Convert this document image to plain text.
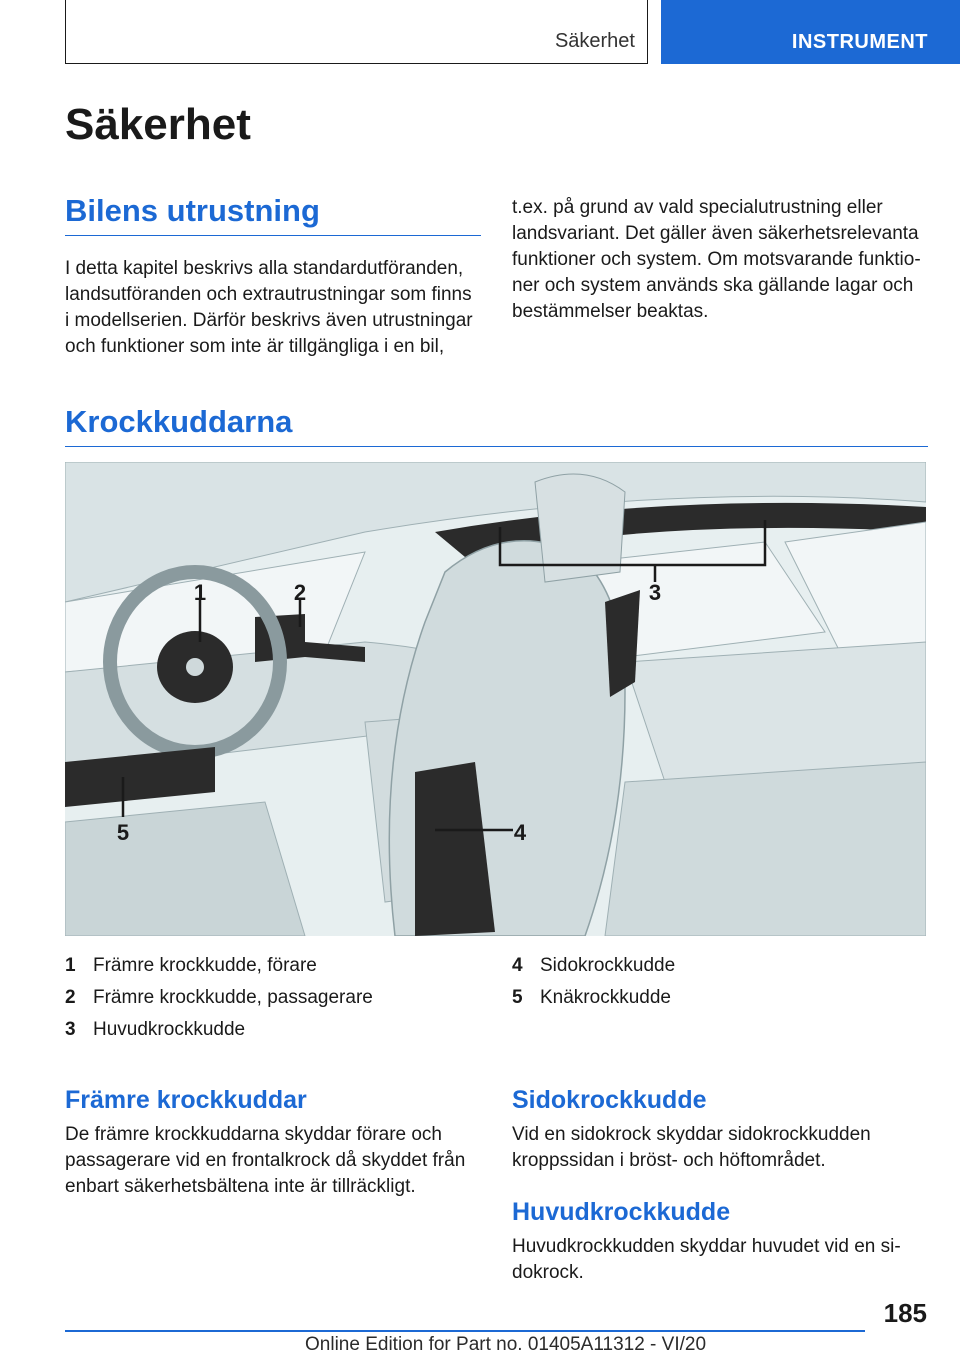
Säkerhet	INSTRUMENT
Säkerhet
Bilens utrustning

I detta kapitel beskrivs alla standardutföranden, landsutföranden och extrautrustningar som finns i modellserien. Därför beskrivs även utrustningar och funktioner som inte är tillgängliga i en bil,

t.ex. på grund av vald specialutrustning eller landsvariant. Det gäller även säkerhetsrelevanta funktioner och system. Om motsvarande funktioner och system används ska gällande lagar och bestämmelser beaktas.

Krockkuddarna
1	2	3
4
5
1 Främre krockkudde, förare
2 Främre krockkudde, passagerare
3 Huvudkrockkudde
4 Sidokrockkudde
5 Knäkrockkudde
Främre krockkuddar

De främre krockkuddarna skyddar förare och passagerare vid en frontalkrock då skyddet från enbart säkerhetsbältena inte är tillräckligt.

Sidokrockkudde

Vid en sidokrock skyddar sidokrockkudden kroppssidan i bröst- och höftområdet.

Huvudkrockkudde

Huvudkrockkudden skyddar huvudet vid en sidokrock.

185
Online Edition for Part no. 01405A11312 - VI/20
